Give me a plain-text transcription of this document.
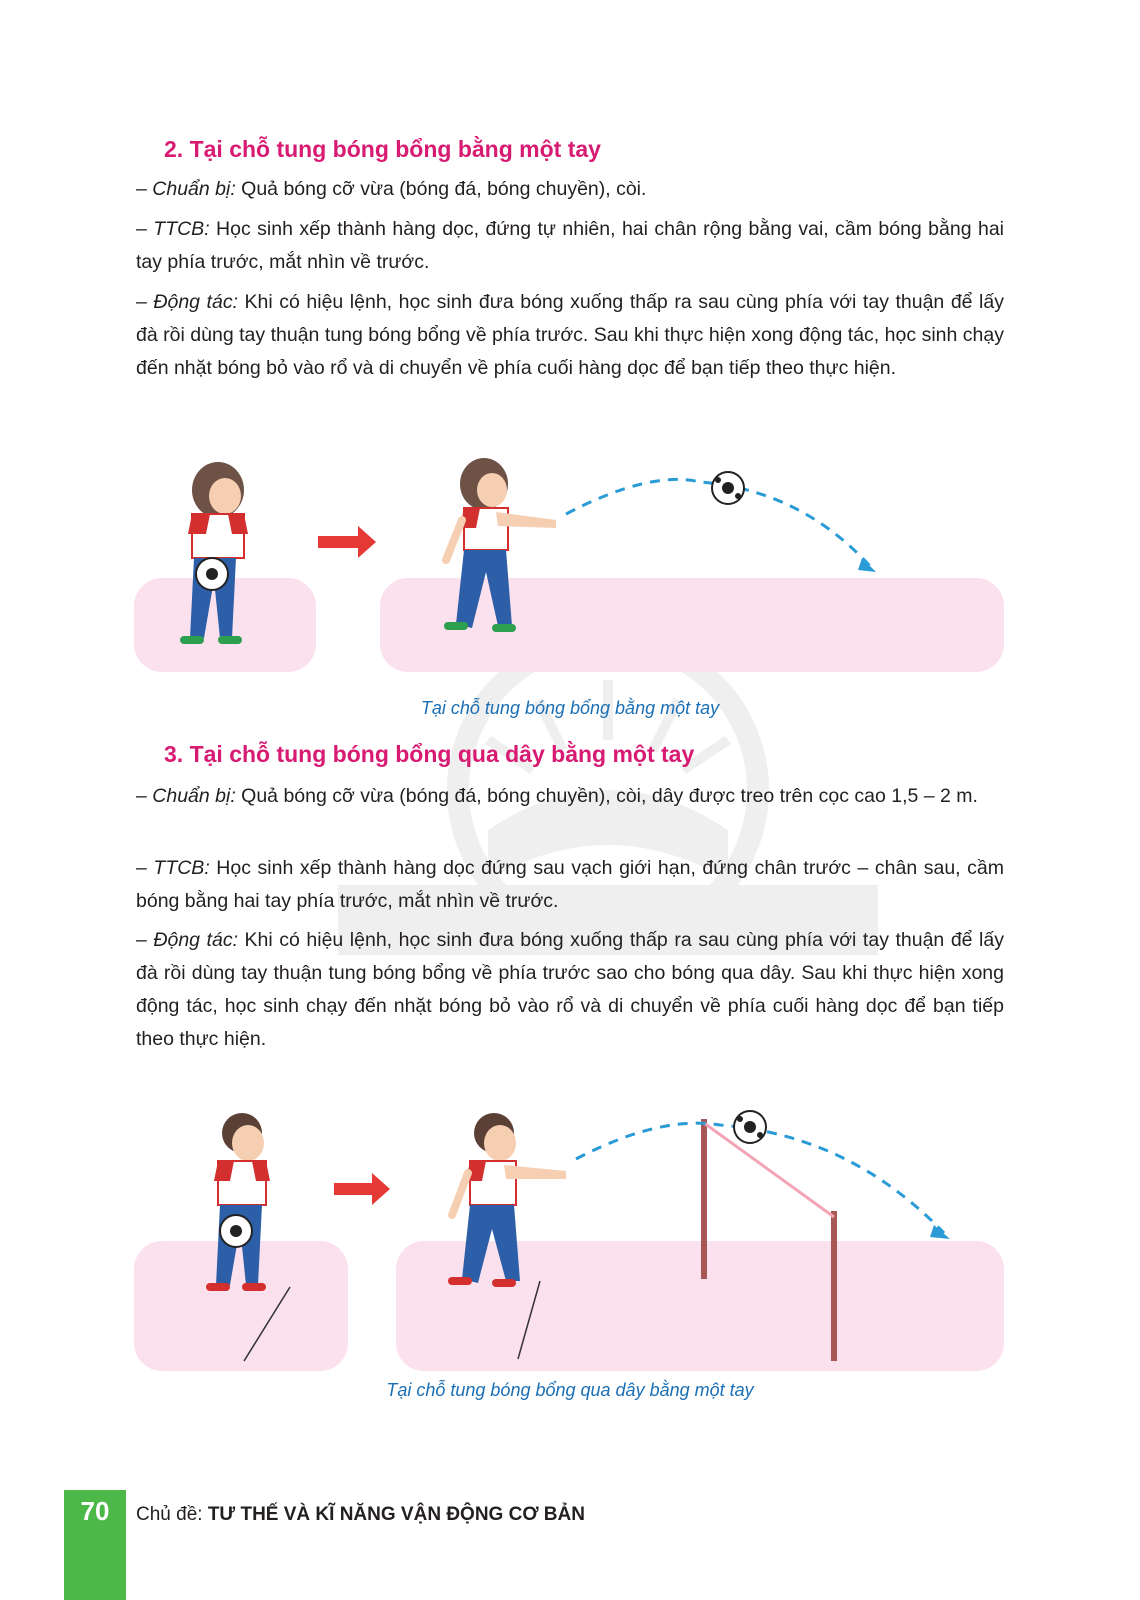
2. Tại chỗ tung bóng bổng bằng một tay

– Chuẩn bị: Quả bóng cỡ vừa (bóng đá, bóng chuyền), còi.

– TTCB: Học sinh xếp thành hàng dọc, đứng tự nhiên, hai chân rộng bằng vai, cầm bóng bằng hai tay phía trước, mắt nhìn về trước.

– Động tác: Khi có hiệu lệnh, học sinh đưa bóng xuống thấp ra sau cùng phía với tay thuận để lấy đà rồi dùng tay thuận tung bóng bổng về phía trước. Sau khi thực hiện xong động tác, học sinh chạy đến nhặt bóng bỏ vào rổ và di chuyển về phía cuối hàng dọc để bạn tiếp theo thực hiện.

Tại chỗ tung bóng bổng bằng một tay

3. Tại chỗ tung bóng bổng qua dây bằng một tay

– Chuẩn bị: Quả bóng cỡ vừa (bóng đá, bóng chuyền), còi, dây được treo trên cọc cao 1,5 – 2 m.

– TTCB: Học sinh xếp thành hàng dọc đứng sau vạch giới hạn, đứng chân trước – chân sau, cầm bóng bằng hai tay phía trước, mắt nhìn về trước.

– Động tác: Khi có hiệu lệnh, học sinh đưa bóng xuống thấp ra sau cùng phía với tay thuận để lấy đà rồi dùng tay thuận tung bóng bổng về phía trước sao cho bóng qua dây. Sau khi thực hiện xong động tác, học sinh chạy đến nhặt bóng bỏ vào rổ và di chuyển về phía cuối hàng dọc để bạn tiếp theo thực hiện.

Tại chỗ tung bóng bổng qua dây bằng một tay

70	Chủ đề: TƯ THẾ VÀ KĨ NĂNG VẬN ĐỘNG CƠ BẢN
